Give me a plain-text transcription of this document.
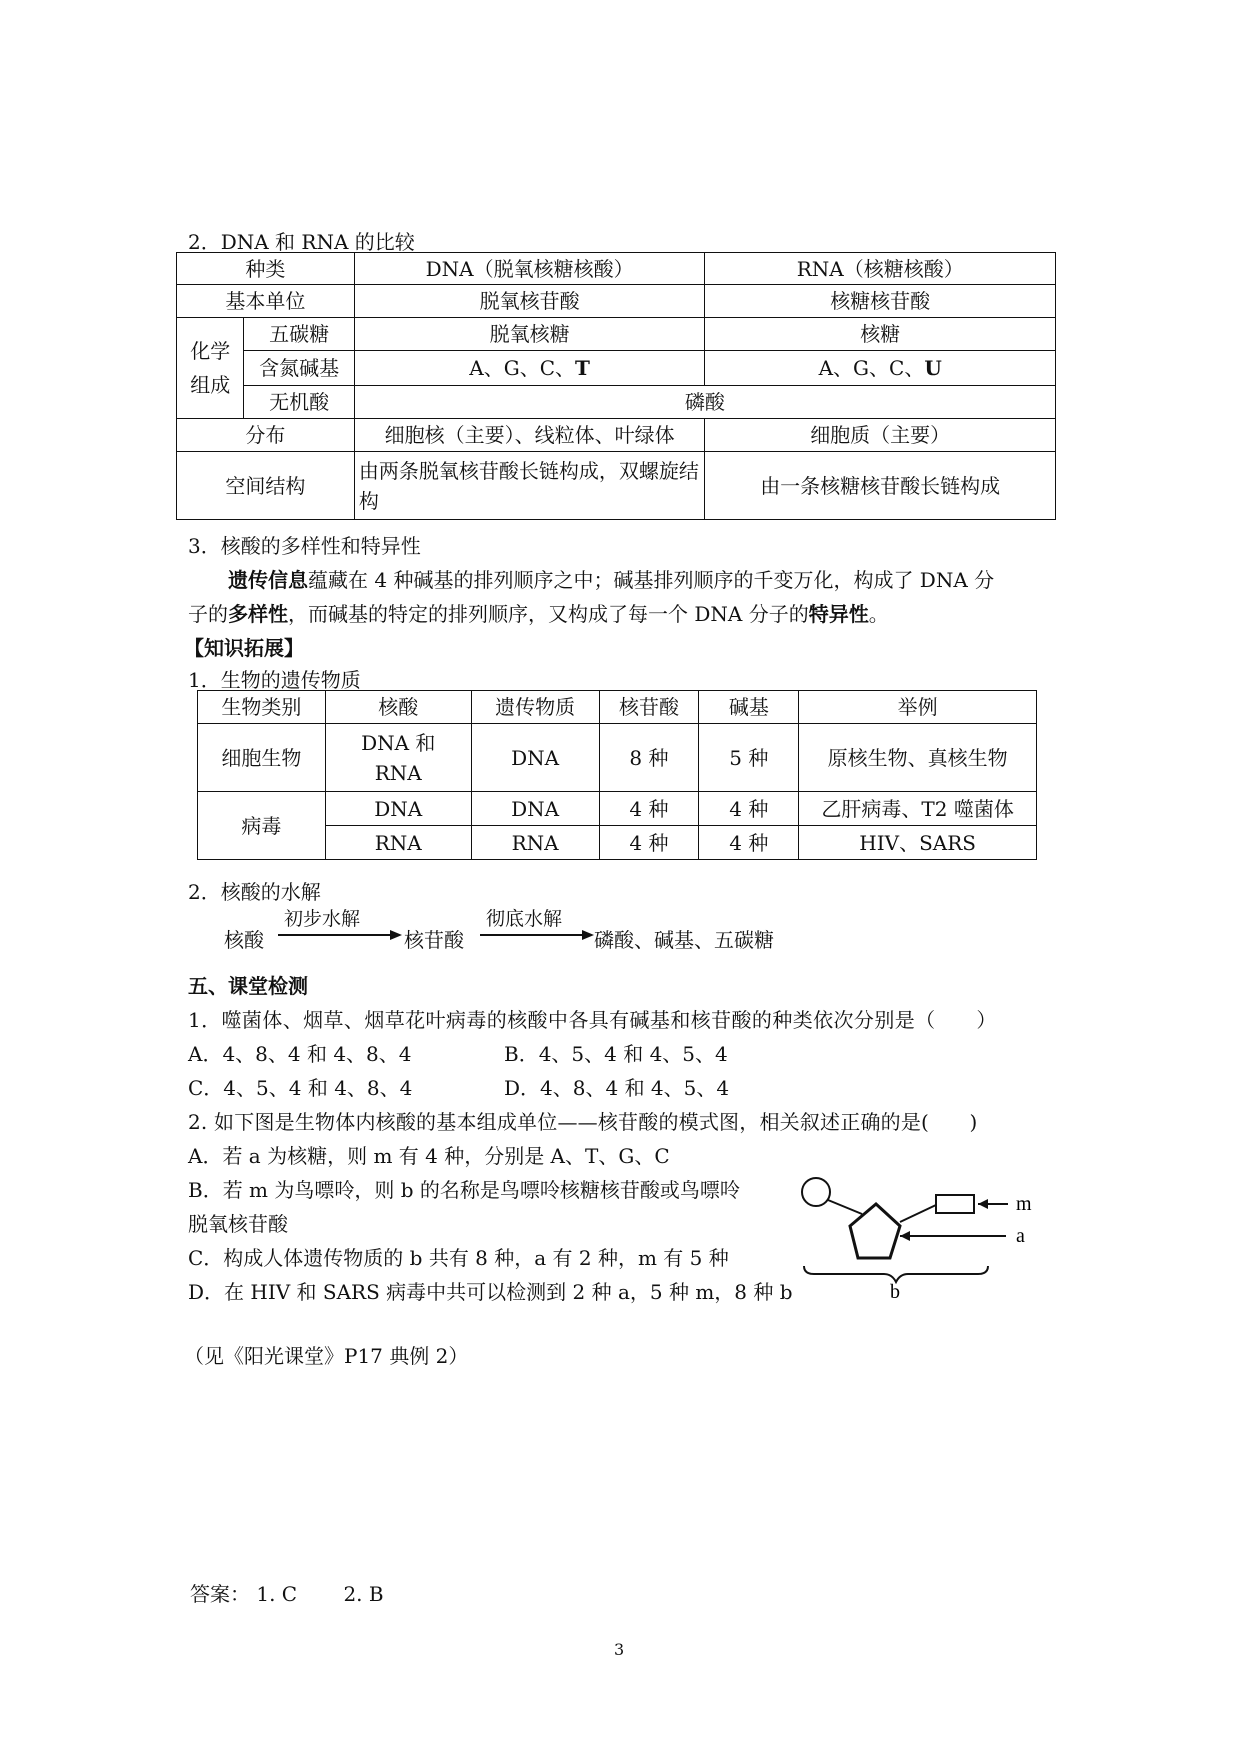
2．DNA 和 RNA 的比较
种类		DNA（脱氧核糖核酸）	RNA（核糖核酸）
基本单位		脱氧核苷酸	核糖核苷酸
化学
组成	五碳糖	脱氧核糖	核糖
	含氮碱基	A、G、C、T	A、G、C、U
	无机酸	磷酸	
分布		细胞核（主要）、线粒体、叶绿体	细胞质（主要）
空间结构		由两条脱氧核苷酸长链构成，双螺旋结构	由一条核糖核苷酸长链构成
3．核酸的多样性和特异性
遗传信息蕴藏在 4 种碱基的排列顺序之中；碱基排列顺序的千变万化，构成了 DNA 分
子的多样性，而碱基的特定的排列顺序，又构成了每一个 DNA 分子的特异性。
【知识拓展】
1．生物的遗传物质
生物类别	核酸	遗传物质	核苷酸	碱基	举例
细胞生物	DNA 和
RNA	DNA	8 种	5 种	原核生物、真核生物
病毒	DNA	DNA	4 种	4 种	乙肝病毒、T2 噬菌体
	RNA	RNA	4 种	4 种	HIV、SARS
2．核酸的水解
核酸
初步水解
核苷酸
彻底水解
磷酸、碱基、五碳糖
五、课堂检测
1．噬菌体、烟草、烟草花叶病毒的核酸中各具有碱基和核苷酸的种类依次分别是（　　）
A．4、8、4 和 4、8、4	B．4、5、4 和 4、5、4
C．4、5、4 和 4、8、4	D．4、8、4 和 4、5、4
2. 如下图是生物体内核酸的基本组成单位——核苷酸的模式图，相关叙述正确的是(　　)
A．若 a 为核糖，则 m 有 4 种，分别是 A、T、G、C
B．若 m 为鸟嘌呤，则 b 的名称是鸟嘌呤核糖核苷酸或鸟嘌呤
脱氧核苷酸
C．构成人体遗传物质的 b 共有 8 种，a 有 2 种，m 有 5 种
D．在 HIV 和 SARS 病毒中共可以检测到 2 种 a，5 种 m，8 种 b
m
a
b
（见《阳光课堂》P17 典例 2）
答案： 1. C　　 2. B
3
